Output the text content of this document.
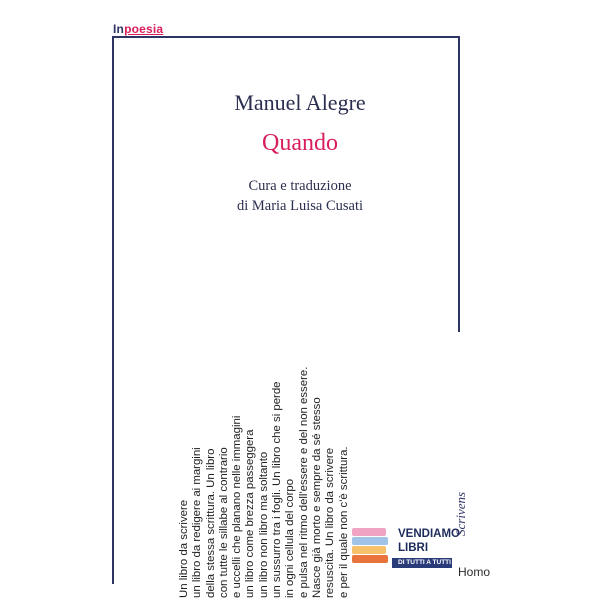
Inpoesia
Manuel Alegre
Quando
Cura e traduzione
di Maria Luisa Cusati
Un libro da scrivere un libro da redigere ai margini della stessa scrittura. Un libro con tutte le sillabe al contrario e uccelli che planano nelle immagini un libro come brezza passeggera un libro non libro ma soltanto un sussurro tra i fogli. Un libro che si perde in ogni cellula del corpo e pulsa nel ritmo dell'essere e del non essere. Nasce già morto e sempre da sé stesso resuscita. Un libro da scrivere e per il quale non c'è scrittura.	VENDIAMO
LIBRI
DI TUTTI A TUTTI
Scrivens
Homo
